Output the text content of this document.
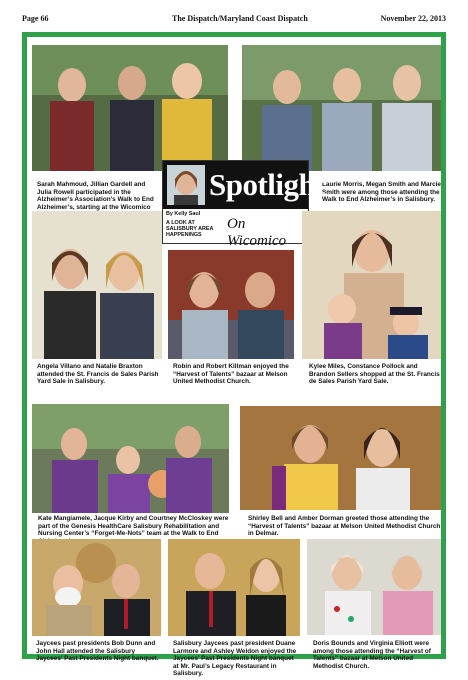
Page 66	The Dispatch/Maryland Coast Dispatch	November 22, 2013
Sarah Mahmoud, Jillian Gardell and Julia Rowell participated in the Alzheimer’s Association’s Walk to End Alzheimer’s, starting at the Wicomico
Laurie Morris, Megan Smith and Marcie Smith were among those attending the Walk to End Alzheimer’s in Salisbury.
Spotlight
By Kelly Saul
A LOOK AT SALISBURY AREA HAPPENINGS
On Wicomico
Angela Villano and Natalie Braxton attended the St. Francis de Sales Parish Yard Sale in Salisbury.
Robin and Robert Killman enjoyed the “Harvest of Talents” bazaar at Melson United Methodist Church.
Kylee Miles, Constance Pollock and Brandon Sellers shopped at the St. Francis de Sales Parish Yard Sale.
Kate Mangiamele, Jacque Kirby and Courtney McCloskey were part of the Genesis HealthCare Salisbury Rehabilitation and Nursing Center’s “Forget-Me-Nots” team at the Walk to End
Shirley Bell and Amber Dorman greeted those attending the “Harvest of Talents” bazaar at Melson United Methodist Church in Delmar.
Jaycees past presidents Bob Dunn and John Hall attended the Salisbury Jaycees’ Past Presidents Night banquet.
Salisbury Jaycees past president Duane Larmore and Ashley Weldon enjoyed the Jaycees’ Past Presidents Night banquet at Mr. Paul’s Legacy Restaurant in Salisbury.
Doris Bounds and Virginia Elliott were among those attending the “Harvest of Talents” bazaar at Melson United Methodist Church.
